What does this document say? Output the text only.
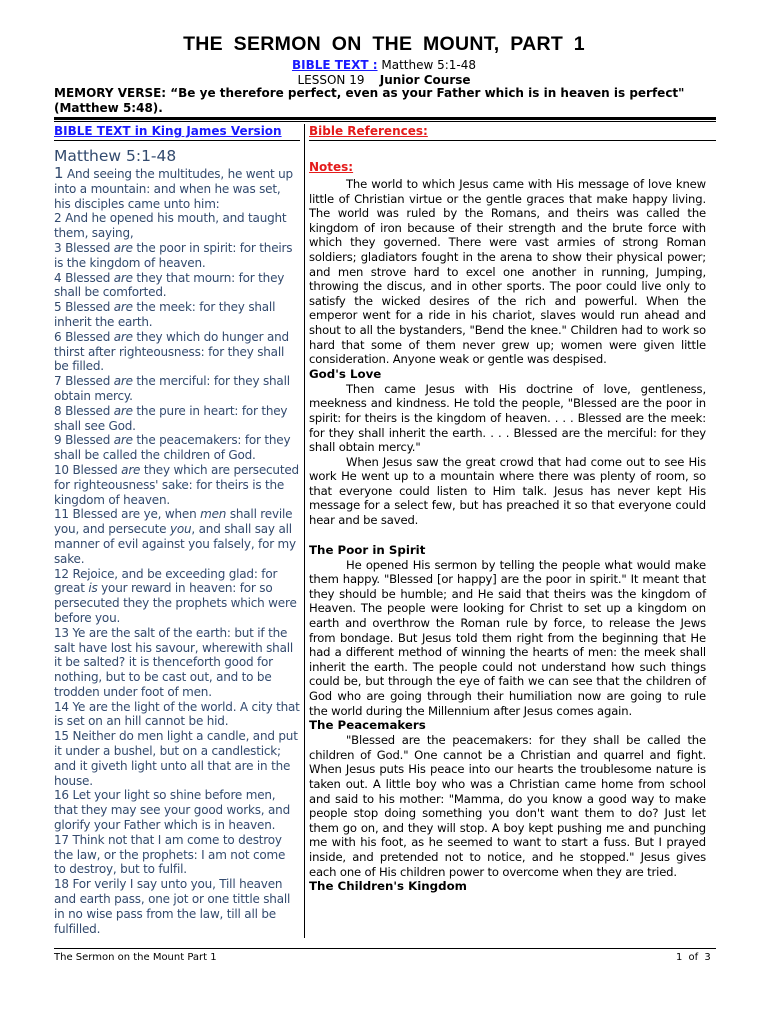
THE SERMON ON THE MOUNT, PART 1
BIBLE TEXT : Matthew 5:1-48
LESSON 19 Junior Course
MEMORY VERSE: “Be ye therefore perfect, even as your Father which is in heaven is perfect" (Matthew 5:48).
BIBLE TEXT in King James Version
Matthew 5:1-48
1 And seeing the multitudes, he went up into a mountain: and when he was set, his disciples came unto him:
2 And he opened his mouth, and taught them, saying,
3 Blessed are the poor in spirit: for theirs is the kingdom of heaven.
4 Blessed are they that mourn: for they shall be comforted.
5 Blessed are the meek: for they shall inherit the earth.
6 Blessed are they which do hunger and thirst after righteousness: for they shall be filled.
7 Blessed are the merciful: for they shall obtain mercy.
8 Blessed are the pure in heart: for they shall see God.
9 Blessed are the peacemakers: for they shall be called the children of God.
10 Blessed are they which are persecuted for righteousness' sake: for theirs is the kingdom of heaven.
11 Blessed are ye, when men shall revile you, and persecute you, and shall say all manner of evil against you falsely, for my sake.
12 Rejoice, and be exceeding glad: for great is your reward in heaven: for so persecuted they the prophets which were before you.
13 Ye are the salt of the earth: but if the salt have lost his savour, wherewith shall it be salted? it is thenceforth good for nothing, but to be cast out, and to be trodden under foot of men.
14 Ye are the light of the world. A city that is set on an hill cannot be hid.
15 Neither do men light a candle, and put it under a bushel, but on a candlestick; and it giveth light unto all that are in the house.
16 Let your light so shine before men, that they may see your good works, and glorify your Father which is in heaven.
17 Think not that I am come to destroy the law, or the prophets: I am not come to destroy, but to fulfil.
18 For verily I say unto you, Till heaven and earth pass, one jot or one tittle shall in no wise pass from the law, till all be fulfilled.
Bible References:
Notes:

The world to which Jesus came with His message of love knew little of Christian virtue or the gentle graces that make happy living. The world was ruled by the Romans, and theirs was called the kingdom of iron because of their strength and the brute force with which they governed. There were vast armies of strong Roman soldiers; gladiators fought in the arena to show their physical power; and men strove hard to excel one another in running, Jumping, throwing the discus, and in other sports. The poor could live only to satisfy the wicked desires of the rich and powerful. When the emperor went for a ride in his chariot, slaves would run ahead and shout to all the bystanders, "Bend the knee." Children had to work so hard that some of them never grew up; women were given little consideration. Anyone weak or gentle was despised.

God's Love

Then came Jesus with His doctrine of love, gentleness, meekness and kindness. He told the people, "Blessed are the poor in spirit: for theirs is the kingdom of heaven. . . . Blessed are the meek: for they shall inherit the earth. . . . Blessed are the merciful: for they shall obtain mercy."

When Jesus saw the great crowd that had come out to see His work He went up to a mountain where there was plenty of room, so that everyone could listen to Him talk. Jesus has never kept His message for a select few, but has preached it so that everyone could hear and be saved.

The Poor in Spirit

He opened His sermon by telling the people what would make them happy. "Blessed [or happy] are the poor in spirit." It meant that they should be humble; and He said that theirs was the kingdom of Heaven. The people were looking for Christ to set up a kingdom on earth and overthrow the Roman rule by force, to release the Jews from bondage. But Jesus told them right from the beginning that He had a different method of winning the hearts of men: the meek shall inherit the earth. The people could not understand how such things could be, but through the eye of faith we can see that the children of God who are going through their humiliation now are going to rule the world during the Millennium after Jesus comes again.

The Peacemakers

"Blessed are the peacemakers: for they shall be called the children of God." One cannot be a Christian and quarrel and fight. When Jesus puts His peace into our hearts the troublesome nature is taken out. A little boy who was a Christian came home from school and said to his mother: "Mamma, do you know a good way to make people stop doing something you don't want them to do? Just let them go on, and they will stop. A boy kept pushing me and punching me with his foot, as he seemed to want to start a fuss. But I prayed inside, and pretended not to notice, and he stopped." Jesus gives each one of His children power to overcome when they are tried.

The Children's Kingdom

The Sermon on the Mount Part 1	1 of 3
